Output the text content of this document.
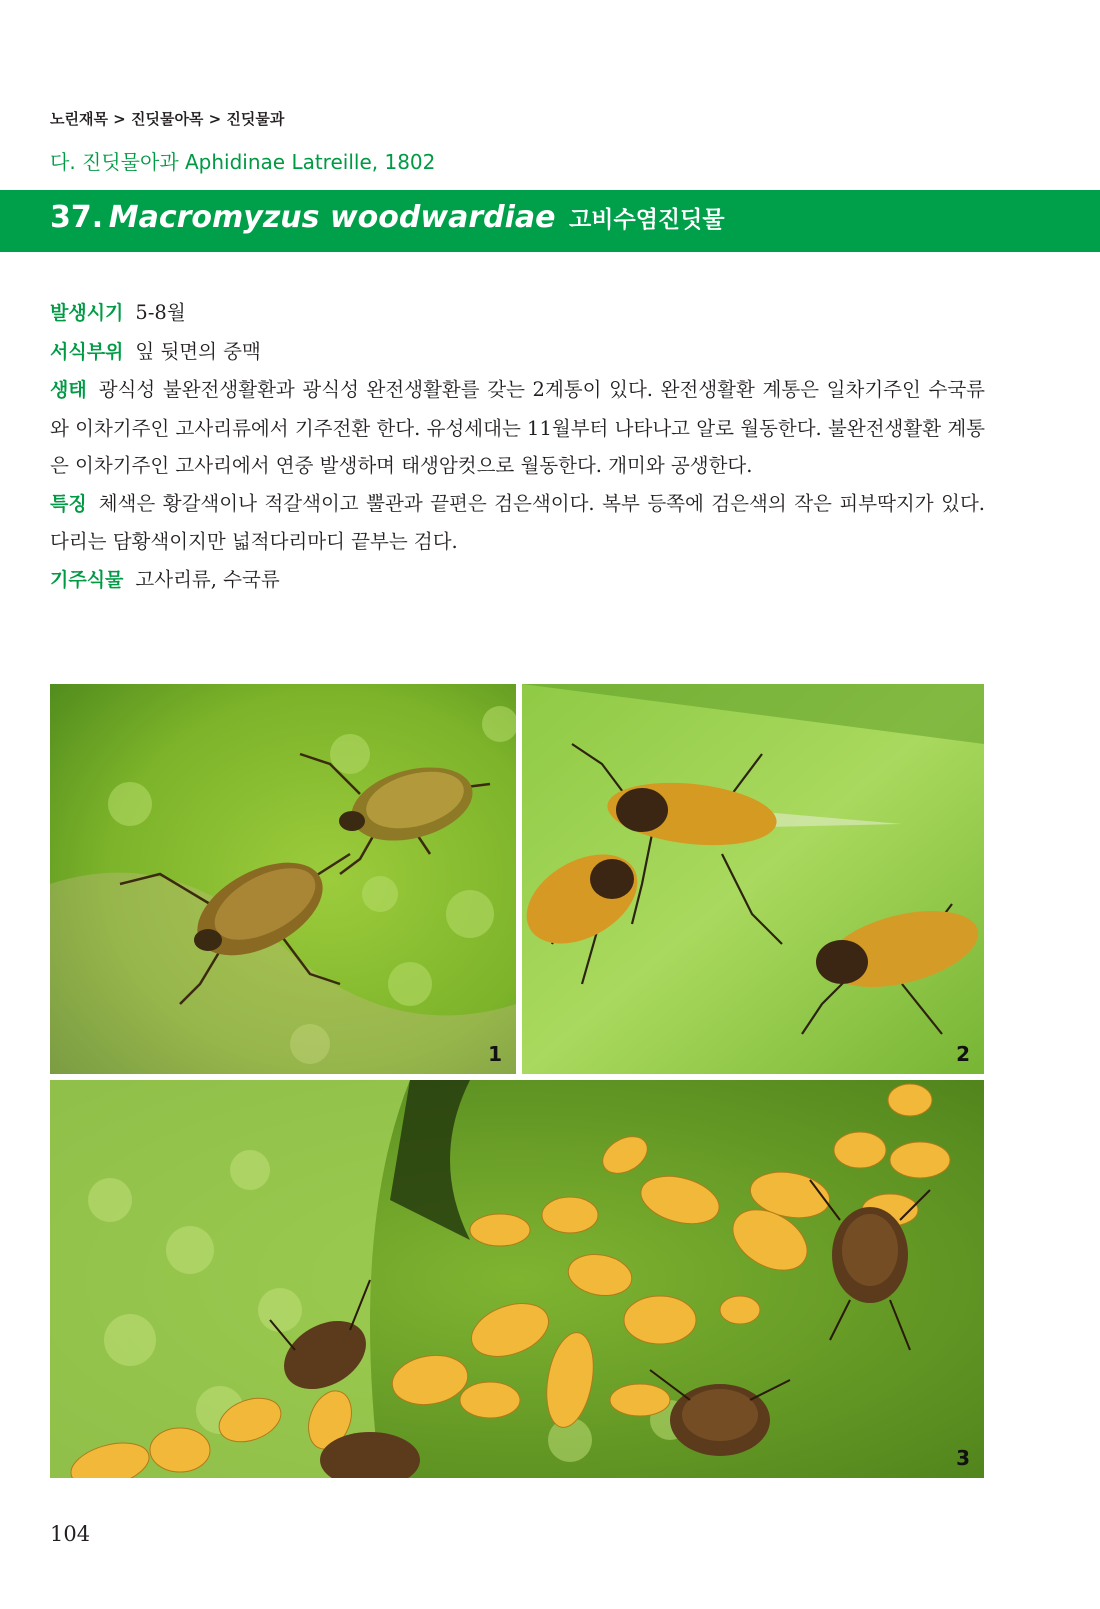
노린재목 > 진딧물아목 > 진딧물과
다. 진딧물아과 Aphidinae Latreille, 1802
37. Macromyzus woodwardiae 고비수염진딧물

발생시기 5-8월

서식부위 잎 뒷면의 중맥

생태 광식성 불완전생활환과 광식성 완전생활환를 갖는 2계통이 있다. 완전생활환 계통은 일차기주인 수국류와 이차기주인 고사리류에서 기주전환 한다. 유성세대는 11월부터 나타나고 알로 월동한다. 불완전생활환 계통은 이차기주인 고사리에서 연중 발생하며 태생암컷으로 월동한다. 개미와 공생한다.

특징 체색은 황갈색이나 적갈색이고 뿔관과 끝편은 검은색이다. 복부 등쪽에 검은색의 작은 피부딱지가 있다. 다리는 담황색이지만 넓적다리마디 끝부는 검다.

기주식물 고사리류, 수국류

1	2
3
104
